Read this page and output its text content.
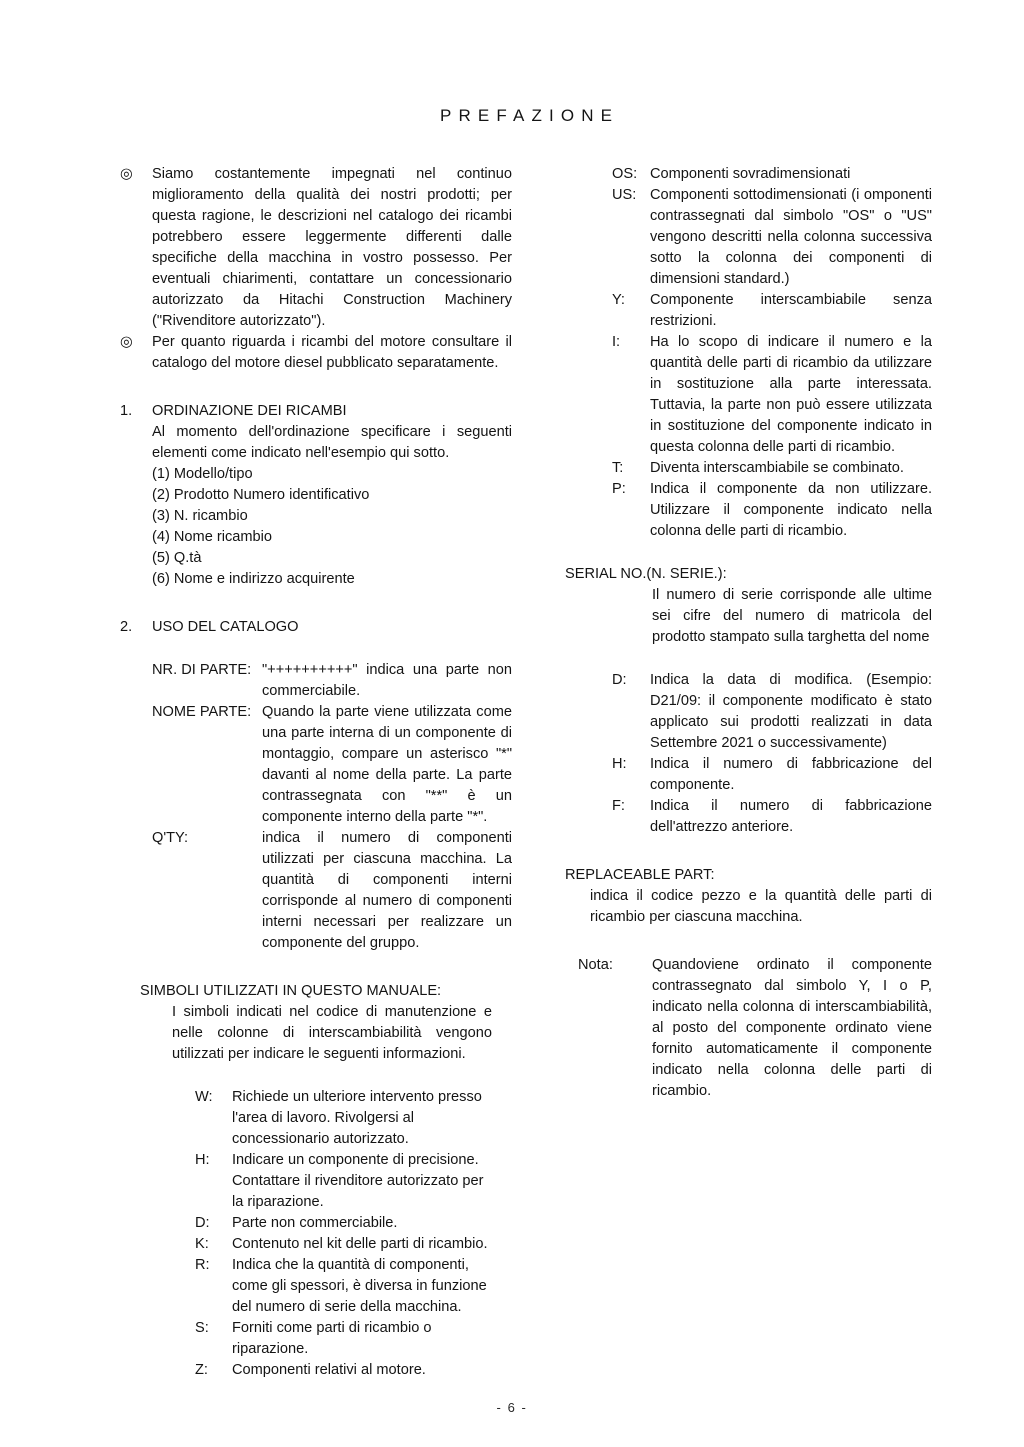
PREFAZIONE
◎	Siamo costantemente impegnati nel continuo miglioramento della qualità dei nostri prodotti; per questa ragione, le descrizioni nel catalogo dei ricambi potrebbero essere leggermente differenti dalle specifiche della macchina in vostro possesso. Per eventuali chiarimenti, contattare un concessionario autorizzato da Hitachi Construction Machinery ("Rivenditore autorizzato").

◎	Per quanto riguarda i ricambi del motore consultare il catalogo del motore diesel pubblicato separatamente.

1.	ORDINAZIONE DEI RICAMBI

Al momento dell'ordinazione specificare i seguenti elementi come indicato nell'esempio qui sotto.

(1) Modello/tipo
(2) Prodotto Numero identificativo
(3) N. ricambio
(4) Nome ricambio
(5) Q.tà
(6) Nome e indirizzo acquirente
2.	USO DEL CATALOGO
NR. DI PARTE: "++++++++++" indica una parte non commerciabile.

NOME PARTE: Quando la parte viene utilizzata come una parte interna di un componente di montaggio, compare un asterisco "*" davanti al nome della parte. La parte contrassegnata con "**" è un componente interno della parte "*".

Q'TY:	indica il numero di componenti utilizzati per ciascuna macchina. La quantità di componenti interni corrisponde al numero di componenti interni necessari per realizzare un componente del gruppo.

SIMBOLI UTILIZZATI IN QUESTO MANUALE:

I simboli indicati nel codice di manutenzione e nelle colonne di interscambiabilità vengono utilizzati per indicare le seguenti informazioni.

W:	Richiede un ulteriore intervento presso l'area di lavoro. Rivolgersi al concessionario autorizzato.

H:	Indicare un componente di precisione. Contattare il rivenditore autorizzato per la riparazione.

D:	Parte non commerciabile.

K:	Contenuto nel kit delle parti di ricambio.

R:	Indica che la quantità di componenti, come gli spessori, è diversa in funzione del numero di serie della macchina.

S:	Forniti come parti di ricambio o riparazione.

Z:	Componenti relativi al motore.

OS: Componenti sovradimensionati

US: Componenti sottodimensionati (i omponenti contrassegnati dal simbolo "OS" o "US" vengono descritti nella colonna successiva sotto la colonna dei componenti di dimensioni standard.)

Y:	Componente interscambiabile senza restrizioni.

I:	Ha lo scopo di indicare il numero e la quantità delle parti di ricambio da utilizzare in sostituzione alla parte interessata. Tuttavia, la parte non può essere utilizzata in sostituzione del componente indicato in questa colonna delle parti di ricambio.

T:	Diventa interscambiabile se combinato.

P:	Indica il componente da non utilizzare. Utilizzare il componente indicato nella colonna delle parti di ricambio.

SERIAL NO.(N. SERIE.):

Il numero di serie corrisponde alle ultime sei cifre del numero di matricola del prodotto stampato sulla targhetta del nome

D:	Indica la data di modifica. (Esempio: D21/09: il componente modificato è stato applicato sui prodotti realizzati in data Settembre 2021 o successivamente)

H:	Indica il numero di fabbricazione del componente.

F:	Indica il numero di fabbricazione dell'attrezzo anteriore.

REPLACEABLE PART:

indica il codice pezzo e la quantità delle parti di ricambio per ciascuna macchina.

Nota:	Quandoviene ordinato il componente contrassegnato dal simbolo Y, I o P, indicato nella colonna di interscambiabilità, al posto del componente ordinato viene fornito automaticamente il componente indicato nella colonna delle parti di ricambio.

- 6 -
